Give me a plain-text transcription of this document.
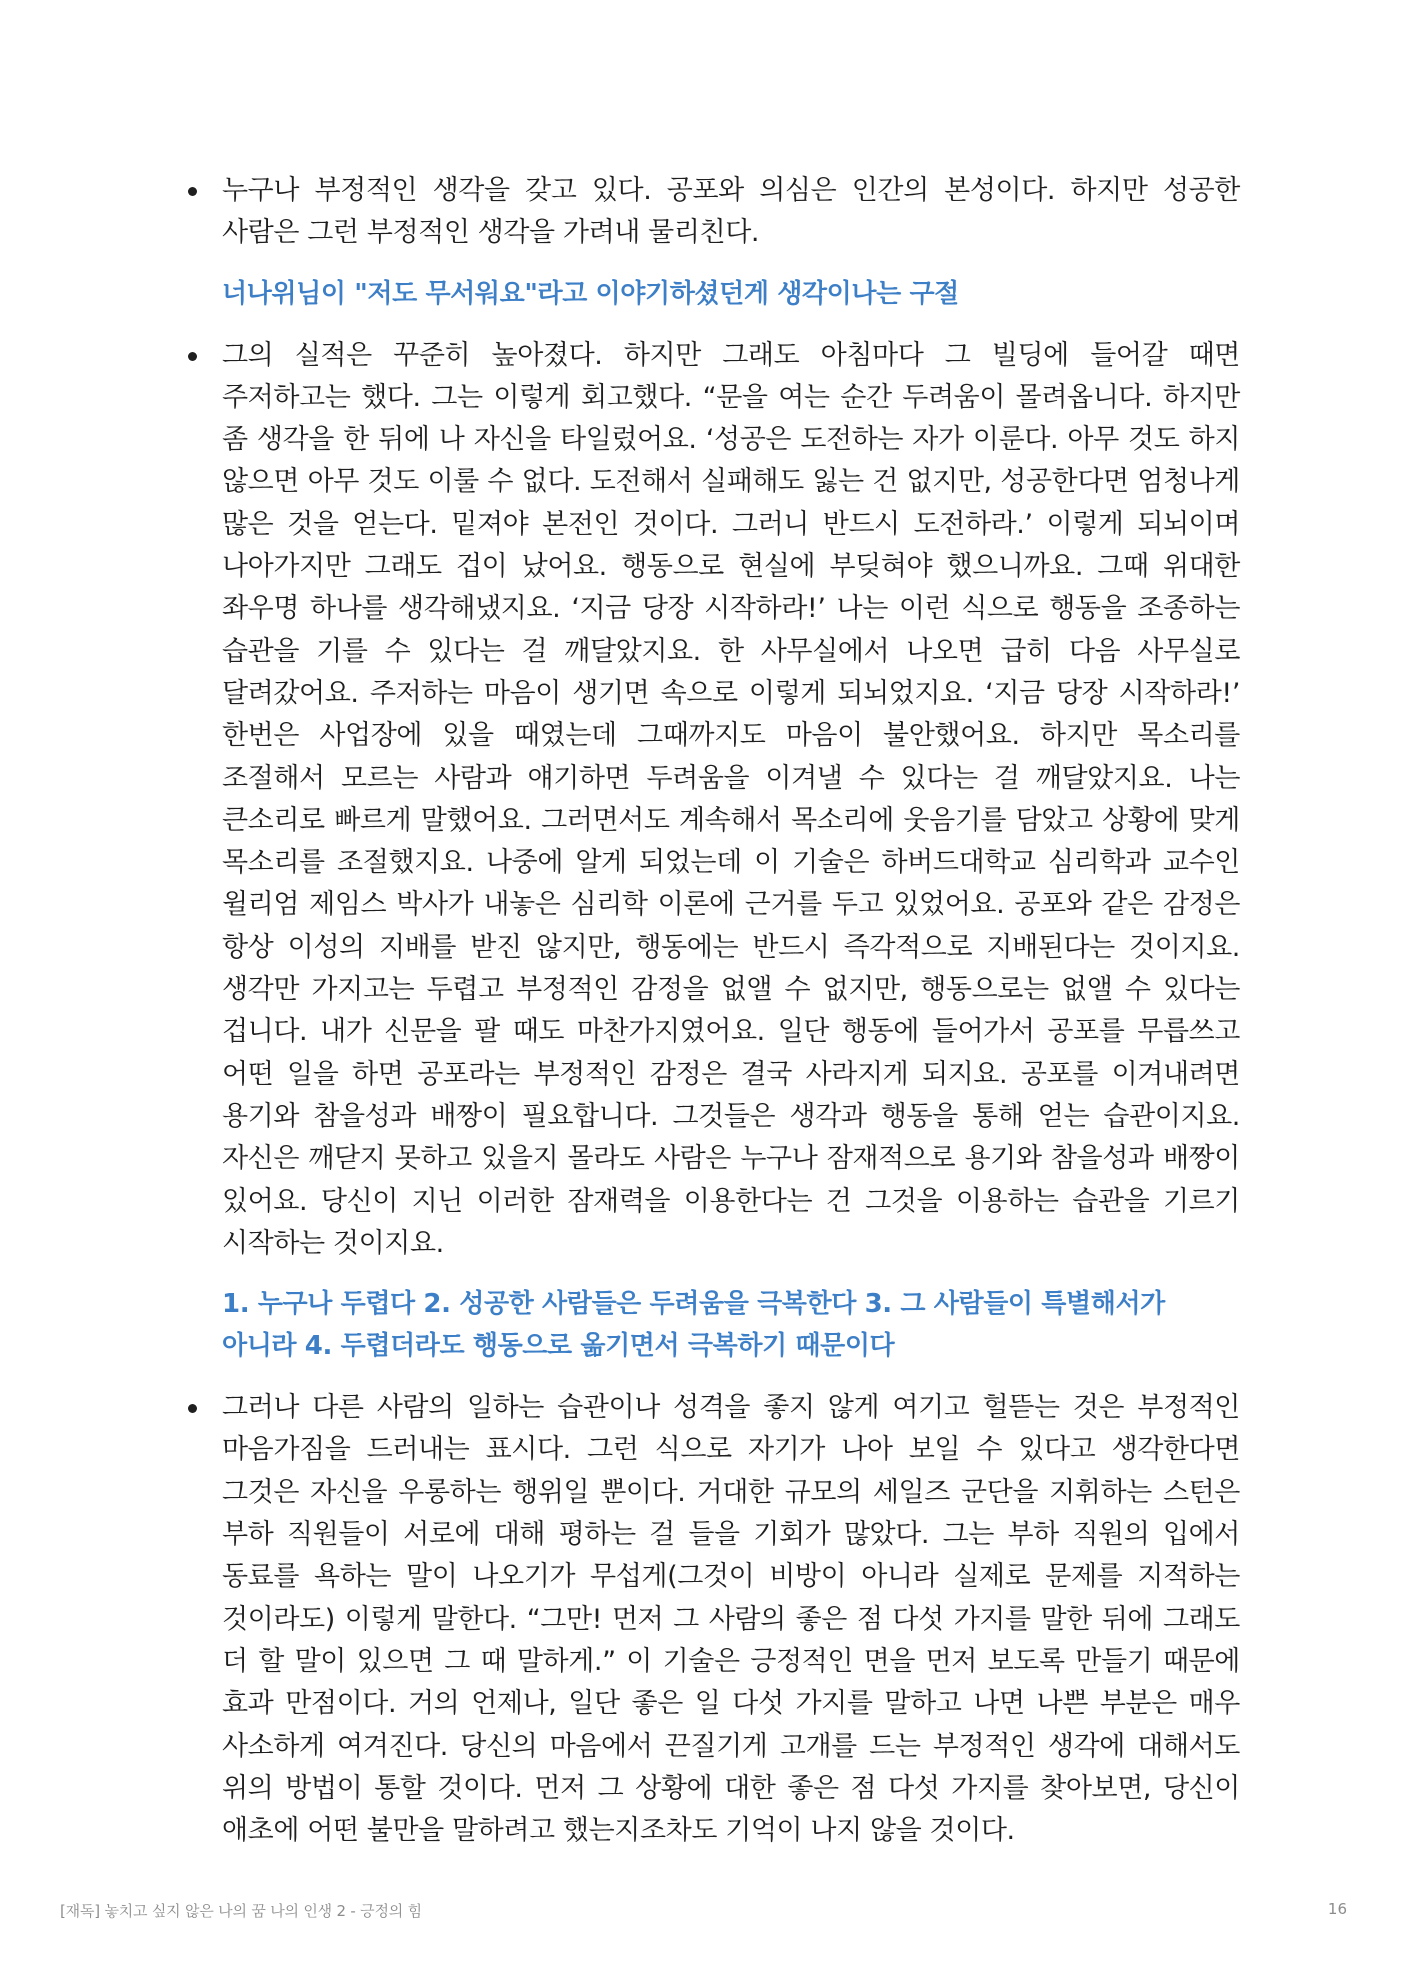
누구나 부정적인 생각을 갖고 있다. 공포와 의심은 인간의 본성이다. 하지만 성공한 사람은 그런 부정적인 생각을 가려내 물리친다.
너나위님이 "저도 무서워요"라고 이야기하셨던게 생각이나는 구절
그의 실적은 꾸준히 높아졌다. 하지만 그래도 아침마다 그 빌딩에 들어갈 때면 주저하고는 했다. 그는 이렇게 회고했다. “문을 여는 순간 두려움이 몰려옵니다. 하지만 좀 생각을 한 뒤에 나 자신을 타일렀어요. ‘성공은 도전하는 자가 이룬다. 아무 것도 하지 않으면 아무 것도 이룰 수 없다. 도전해서 실패해도 잃는 건 없지만, 성공한다면 엄청나게 많은 것을 얻는다. 밑져야 본전인 것이다. 그러니 반드시 도전하라.’ 이렇게 되뇌이며 나아가지만 그래도 겁이 났어요. 행동으로 현실에 부딪혀야 했으니까요. 그때 위대한 좌우명 하나를 생각해냈지요. ‘지금 당장 시작하라!’ 나는 이런 식으로 행동을 조종하는 습관을 기를 수 있다는 걸 깨달았지요. 한 사무실에서 나오면 급히 다음 사무실로 달려갔어요. 주저하는 마음이 생기면 속으로 이렇게 되뇌었지요. ‘지금 당장 시작하라!’ 한번은 사업장에 있을 때였는데 그때까지도 마음이 불안했어요. 하지만 목소리를 조절해서 모르는 사람과 얘기하면 두려움을 이겨낼 수 있다는 걸 깨달았지요. 나는 큰소리로 빠르게 말했어요. 그러면서도 계속해서 목소리에 웃음기를 담았고 상황에 맞게 목소리를 조절했지요. 나중에 알게 되었는데 이 기술은 하버드대학교 심리학과 교수인 윌리엄 제임스 박사가 내놓은 심리학 이론에 근거를 두고 있었어요. 공포와 같은 감정은 항상 이성의 지배를 받진 않지만, 행동에는 반드시 즉각적으로 지배된다는 것이지요. 생각만 가지고는 두렵고 부정적인 감정을 없앨 수 없지만, 행동으로는 없앨 수 있다는 겁니다. 내가 신문을 팔 때도 마찬가지였어요. 일단 행동에 들어가서 공포를 무릅쓰고 어떤 일을 하면 공포라는 부정적인 감정은 결국 사라지게 되지요. 공포를 이겨내려면 용기와 참을성과 배짱이 필요합니다. 그것들은 생각과 행동을 통해 얻는 습관이지요. 자신은 깨닫지 못하고 있을지 몰라도 사람은 누구나 잠재적으로 용기와 참을성과 배짱이 있어요. 당신이 지닌 이러한 잠재력을 이용한다는 건 그것을 이용하는 습관을 기르기 시작하는 것이지요.
1. 누구나 두렵다 2. 성공한 사람들은 두려움을 극복한다 3. 그 사람들이 특별해서가 아니라 4. 두렵더라도 행동으로 옮기면서 극복하기 때문이다
그러나 다른 사람의 일하는 습관이나 성격을 좋지 않게 여기고 헐뜯는 것은 부정적인 마음가짐을 드러내는 표시다. 그런 식으로 자기가 나아 보일 수 있다고 생각한다면 그것은 자신을 우롱하는 행위일 뿐이다. 거대한 규모의 세일즈 군단을 지휘하는 스턴은 부하 직원들이 서로에 대해 평하는 걸 들을 기회가 많았다. 그는 부하 직원의 입에서 동료를 욕하는 말이 나오기가 무섭게(그것이 비방이 아니라 실제로 문제를 지적하는 것이라도) 이렇게 말한다. “그만! 먼저 그 사람의 좋은 점 다섯 가지를 말한 뒤에 그래도 더 할 말이 있으면 그 때 말하게.” 이 기술은 긍정적인 면을 먼저 보도록 만들기 때문에 효과 만점이다. 거의 언제나, 일단 좋은 일 다섯 가지를 말하고 나면 나쁜 부분은 매우 사소하게 여겨진다. 당신의 마음에서 끈질기게 고개를 드는 부정적인 생각에 대해서도 위의 방법이 통할 것이다. 먼저 그 상황에 대한 좋은 점 다섯 가지를 찾아보면, 당신이 애초에 어떤 불만을 말하려고 했는지조차도 기억이 나지 않을 것이다.
[재독] 놓치고 싶지 않은 나의 꿈 나의 인생 2 - 긍정의 힘	16
